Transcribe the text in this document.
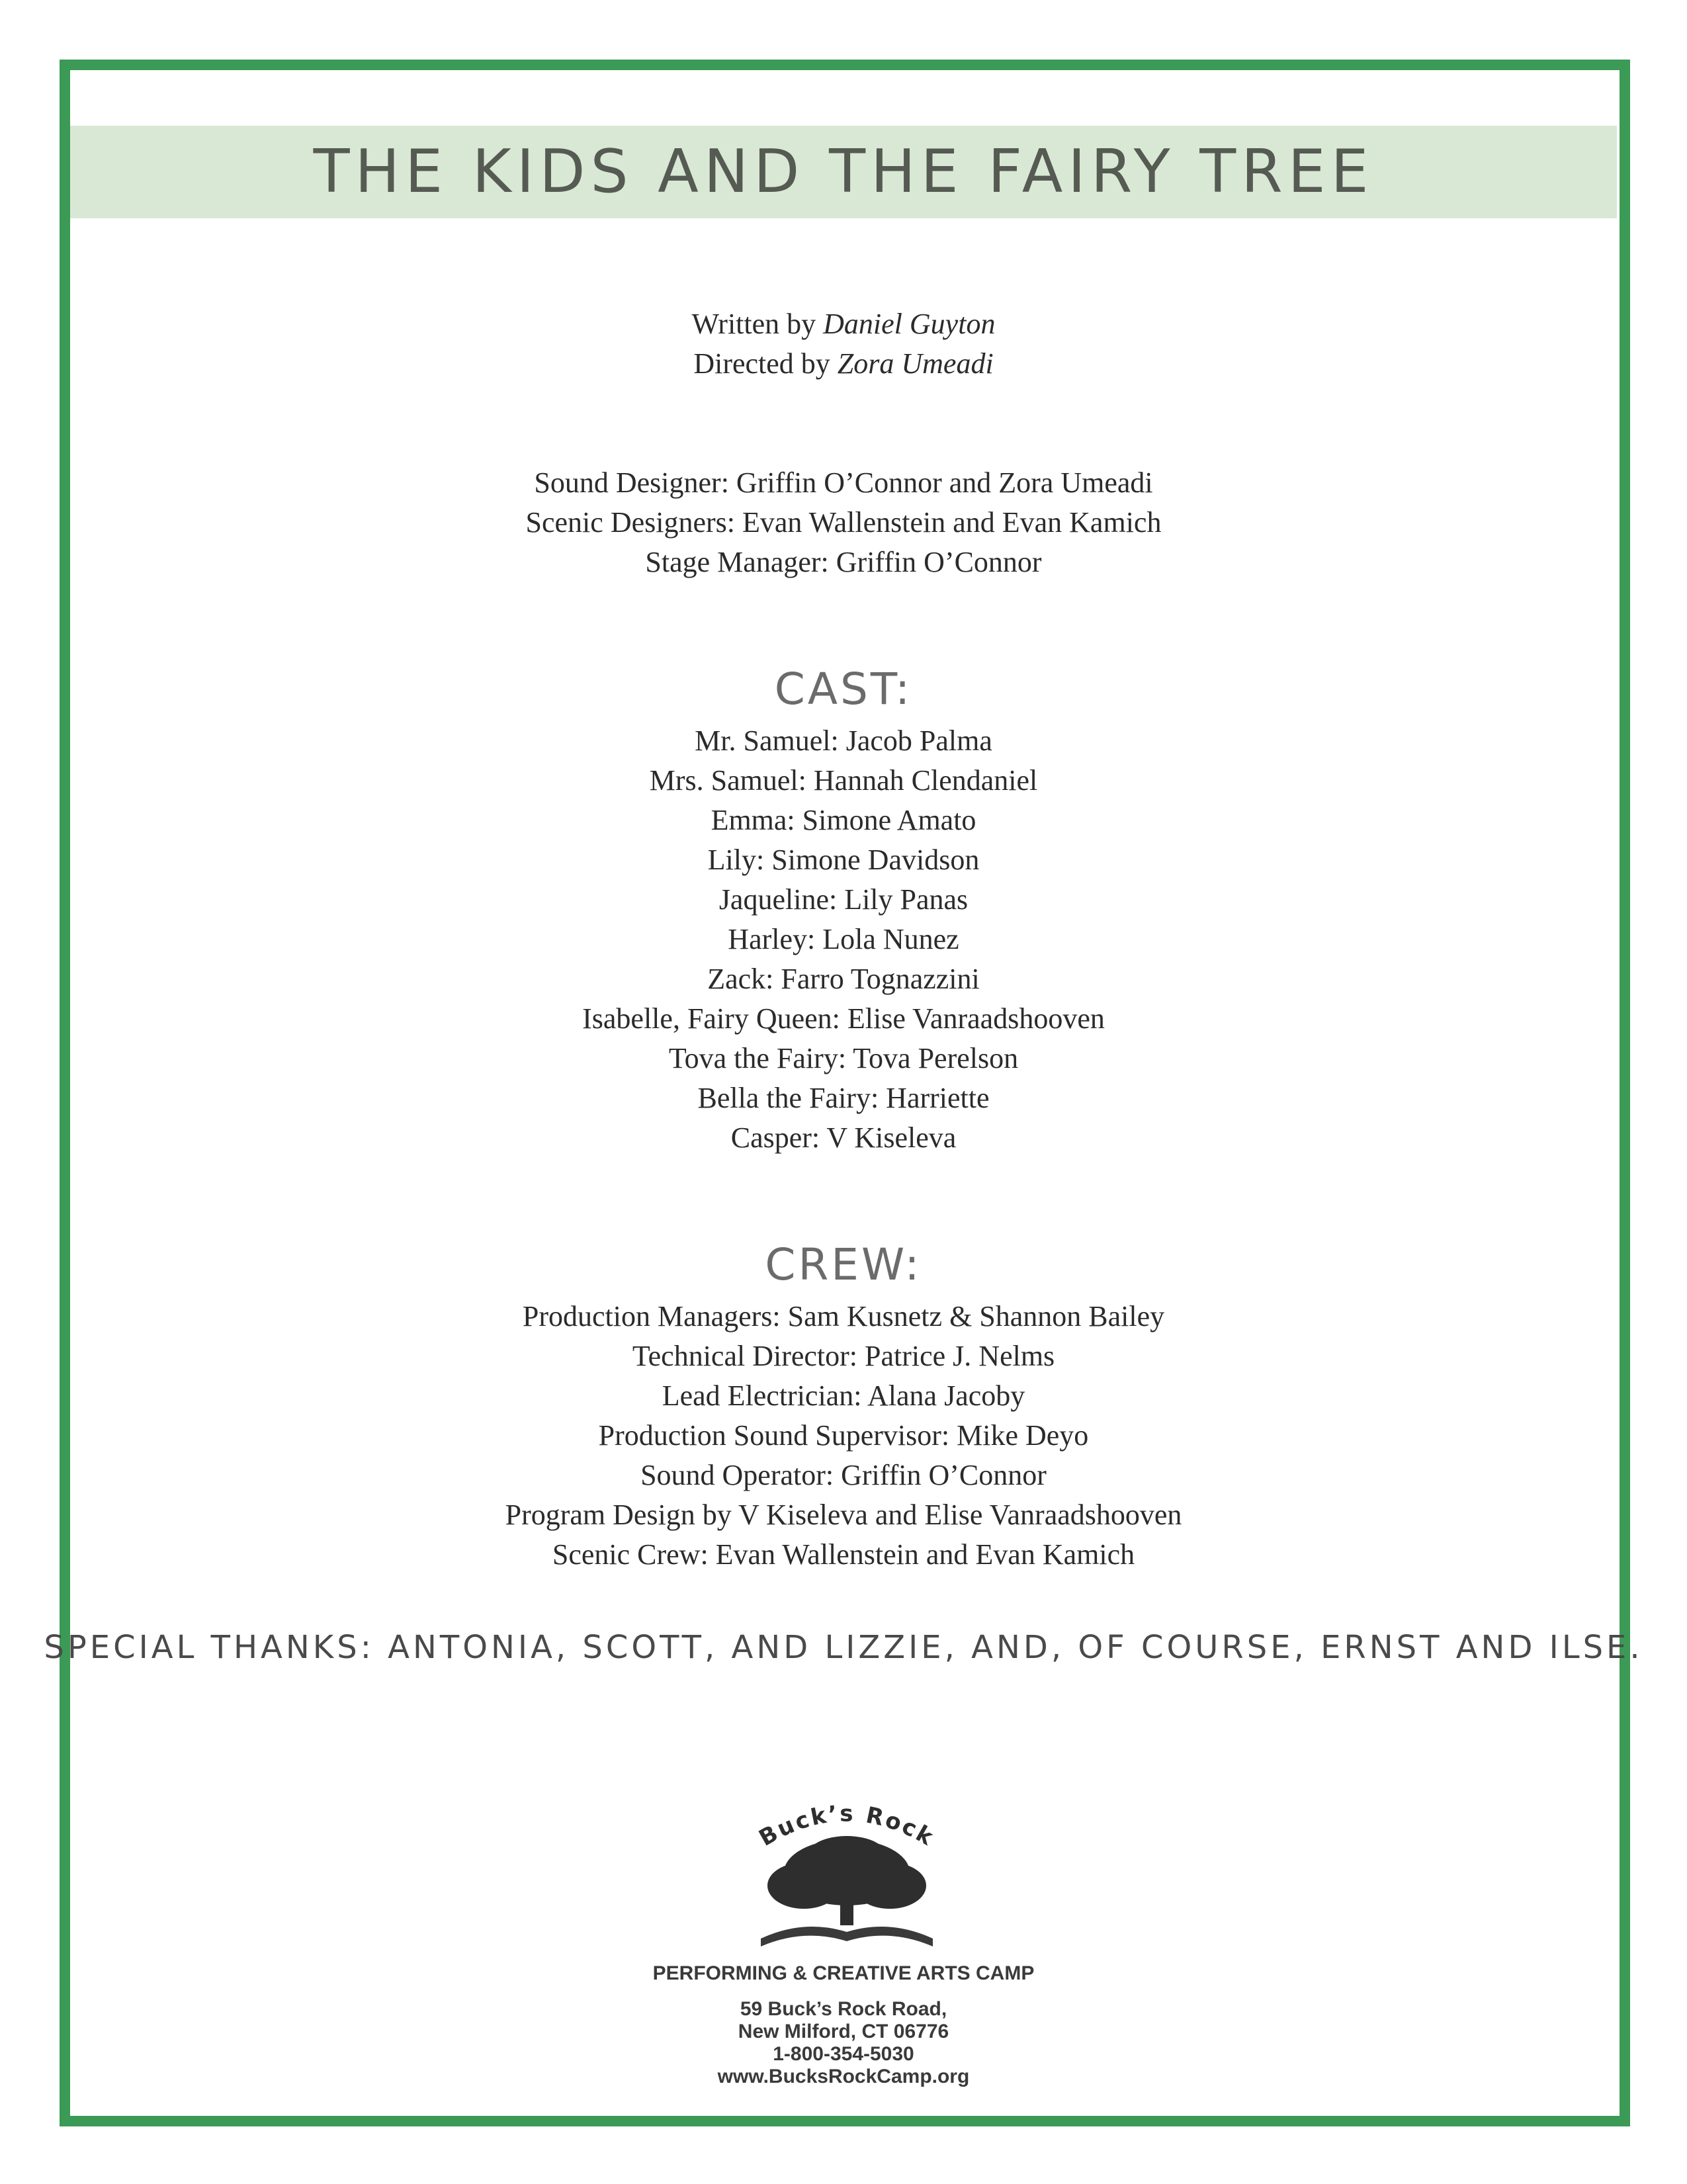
THE KIDS AND THE FAIRY TREE
Written by Daniel Guyton
Directed by Zora Umeadi
Sound Designer: Griffin O’Connor and Zora Umeadi
Scenic Designers: Evan Wallenstein and Evan Kamich
Stage Manager: Griffin O’Connor
CAST:
Mr. Samuel: Jacob Palma
Mrs. Samuel: Hannah Clendaniel
Emma: Simone Amato
Lily: Simone Davidson
Jaqueline: Lily Panas
Harley: Lola Nunez
Zack: Farro Tognazzini
Isabelle, Fairy Queen: Elise Vanraadshooven
Tova the Fairy: Tova Perelson
Bella the Fairy: Harriette
Casper: V Kiseleva
CREW:
Production Managers: Sam Kusnetz & Shannon Bailey
Technical Director: Patrice J. Nelms
Lead Electrician: Alana Jacoby
Production Sound Supervisor: Mike Deyo
Sound Operator: Griffin O’Connor
Program Design by V Kiseleva and Elise Vanraadshooven
Scenic Crew: Evan Wallenstein and Evan Kamich
SPECIAL THANKS: ANTONIA, SCOTT, AND LIZZIE, AND, OF COURSE, ERNST AND ILSE.
Buck’s Rock
PERFORMING & CREATIVE ARTS CAMP
59 Buck’s Rock Road,
New Milford, CT 06776
1-800-354-5030
www.BucksRockCamp.org
